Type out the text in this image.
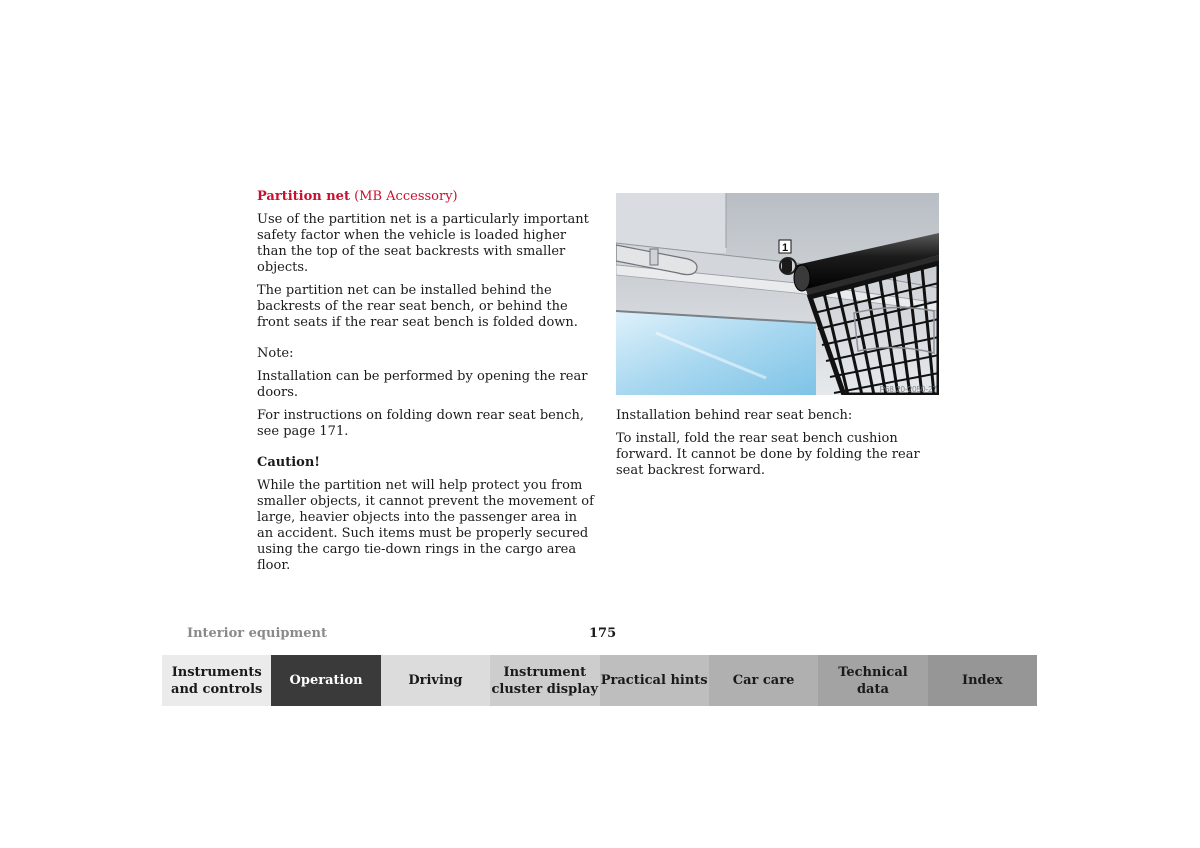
Partition net (MB Accessory)

Use of the partition net is a particularly important safety factor when the vehicle is loaded higher than the top of the seat backrests with smaller objects.

The partition net can be installed behind the backrests of the rear seat bench, or behind the front seats if the rear seat bench is folded down.

Note:

Installation can be performed by opening the rear doors.

For instructions on folding down rear seat bench, see page 171.

Caution!

While the partition net will help protect you from smaller objects, it cannot prevent the movement of large, heavier objects into the passenger area in an accident. Such items must be properly secured using the cargo tie-down rings in the cargo area floor.

1
P68.20-2050-27

Installation behind rear seat bench:

To install, fold the rear seat bench cushion forward. It cannot be done by folding the rear seat backrest forward.

Interior equipment	175
Instruments
and controls
Operation	Driving
Instrument
cluster display
Practical hints Car care
Technical
data
Index
